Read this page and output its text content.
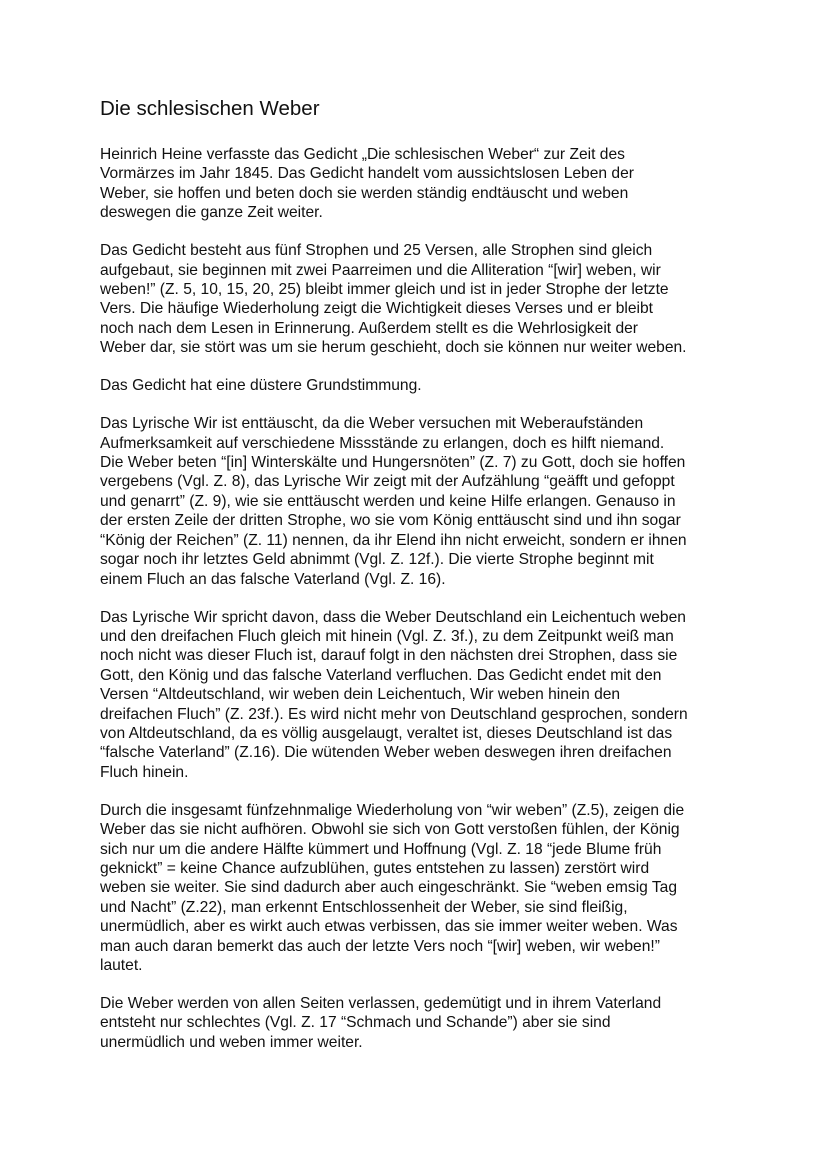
Die schlesischen Weber
Heinrich Heine verfasste das Gedicht „Die schlesischen Weber“ zur Zeit des
Vormärzes im Jahr 1845. Das Gedicht handelt vom aussichtslosen Leben der
Weber, sie hoffen und beten doch sie werden ständig endtäuscht und weben
deswegen die ganze Zeit weiter.
Das Gedicht besteht aus fünf Strophen und 25 Versen, alle Strophen sind gleich
aufgebaut, sie beginnen mit zwei Paarreimen und die Alliteration “[wir] weben, wir
weben!” (Z. 5, 10, 15, 20, 25) bleibt immer gleich und ist in jeder Strophe der letzte
Vers. Die häufige Wiederholung zeigt die Wichtigkeit dieses Verses und er bleibt
noch nach dem Lesen in Erinnerung. Außerdem stellt es die Wehrlosigkeit der
Weber dar, sie stört was um sie herum geschieht, doch sie können nur weiter weben.
Das Gedicht hat eine düstere Grundstimmung.
Das Lyrische Wir ist enttäuscht, da die Weber versuchen mit Weberaufständen
Aufmerksamkeit auf verschiedene Missstände zu erlangen, doch es hilft niemand.
Die Weber beten “[in] Winterskälte und Hungersnöten” (Z. 7) zu Gott, doch sie hoffen
vergebens (Vgl. Z. 8), das Lyrische Wir zeigt mit der Aufzählung “geäfft und gefoppt
und genarrt” (Z. 9), wie sie enttäuscht werden und keine Hilfe erlangen. Genauso in
der ersten Zeile der dritten Strophe, wo sie vom König enttäuscht sind und ihn sogar
“König der Reichen” (Z. 11) nennen, da ihr Elend ihn nicht erweicht, sondern er ihnen
sogar noch ihr letztes Geld abnimmt (Vgl. Z. 12f.). Die vierte Strophe beginnt mit
einem Fluch an das falsche Vaterland (Vgl. Z. 16).
Das Lyrische Wir spricht davon, dass die Weber Deutschland ein Leichentuch weben
und den dreifachen Fluch gleich mit hinein (Vgl. Z. 3f.), zu dem Zeitpunkt weiß man
noch nicht was dieser Fluch ist, darauf folgt in den nächsten drei Strophen, dass sie
Gott, den König und das falsche Vaterland verfluchen. Das Gedicht endet mit den
Versen “Altdeutschland, wir weben dein Leichentuch, Wir weben hinein den
dreifachen Fluch” (Z. 23f.). Es wird nicht mehr von Deutschland gesprochen, sondern
von Altdeutschland, da es völlig ausgelaugt, veraltet ist, dieses Deutschland ist das
“falsche Vaterland” (Z.16). Die wütenden Weber weben deswegen ihren dreifachen
Fluch hinein.
Durch die insgesamt fünfzehnmalige Wiederholung von “wir weben” (Z.5), zeigen die
Weber das sie nicht aufhören. Obwohl sie sich von Gott verstoßen fühlen, der König
sich nur um die andere Hälfte kümmert und Hoffnung (Vgl. Z. 18 “jede Blume früh
geknickt” = keine Chance aufzublühen, gutes entstehen zu lassen) zerstört wird
weben sie weiter. Sie sind dadurch aber auch eingeschränkt. Sie “weben emsig Tag
und Nacht” (Z.22), man erkennt Entschlossenheit der Weber, sie sind fleißig,
unermüdlich, aber es wirkt auch etwas verbissen, das sie immer weiter weben. Was
man auch daran bemerkt das auch der letzte Vers noch “[wir] weben, wir weben!”
lautet.
Die Weber werden von allen Seiten verlassen, gedemütigt und in ihrem Vaterland
entsteht nur schlechtes (Vgl. Z. 17 “Schmach und Schande”) aber sie sind
unermüdlich und weben immer weiter.
